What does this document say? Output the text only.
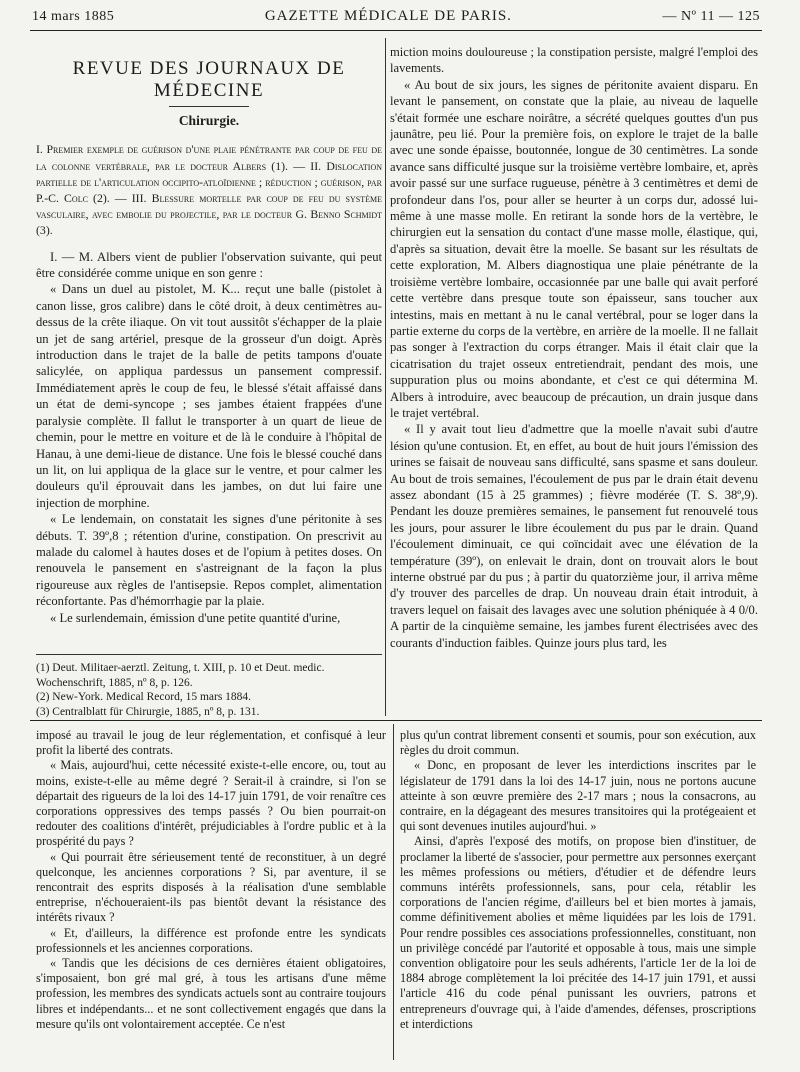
14 mars 1885	GAZETTE MÉDICALE DE PARIS.	— Nº 11 — 125
REVUE DES JOURNAUX DE MÉDECINE
Chirurgie.

I. Premier exemple de guérison d'une plaie pénétrante par coup de feu de la colonne vertébrale, par le docteur Albers (1). — II. Dislocation partielle de l'articulation occipito-atloïdienne ; réduction ; guérison, par P.-C. Colc (2). — III. Blessure mortelle par coup de feu du système vasculaire, avec embolie du projectile, par le docteur G. Benno Schmidt (3).

I. — M. Albers vient de publier l'observation suivante, qui peut être considérée comme unique en son genre :

« Dans un duel au pistolet, M. K... reçut une balle (pistolet à canon lisse, gros calibre) dans le côté droit, à deux centimètres au-dessus de la crête iliaque. On vit tout aussitôt s'échapper de la plaie un jet de sang artériel, presque de la grosseur d'un doigt. Après introduction dans le trajet de la balle de petits tampons d'ouate salicylée, on appliqua pardessus un pansement compressif. Immédiatement après le coup de feu, le blessé s'était affaissé dans un état de demi-syncope ; ses jambes étaient frappées d'une paralysie complète. Il fallut le transporter à un quart de lieue de chemin, pour le mettre en voiture et de là le conduire à l'hôpital de Hanau, à une demi-lieue de distance. Une fois le blessé couché dans un lit, on lui appliqua de la glace sur le ventre, et pour calmer les douleurs qu'il éprouvait dans les jambes, on dut lui faire une injection de morphine.

« Le lendemain, on constatait les signes d'une péritonite à ses débuts. T. 39º,8 ; rétention d'urine, constipation. On prescrivit au malade du calomel à hautes doses et de l'opium à petites doses. On renouvela le pansement en s'astreignant de la façon la plus rigoureuse aux règles de l'antisepsie. Repos complet, alimentation réconfortante. Pas d'hémorrhagie par la plaie.

« Le surlendemain, émission d'une petite quantité d'urine,

(1) Deut. Militaer-aerztl. Zeitung, t. XIII, p. 10 et Deut. medic. Wochenschrift, 1885, nº 8, p. 126.

(2) New-York. Medical Record, 15 mars 1884.

(3) Centralblatt für Chirurgie, 1885, nº 8, p. 131.

miction moins douloureuse ; la constipation persiste, malgré l'emploi des lavements.

« Au bout de six jours, les signes de péritonite avaient disparu. En levant le pansement, on constate que la plaie, au niveau de laquelle s'était formée une eschare noirâtre, a sécrété quelques gouttes d'un pus jaunâtre, peu lié. Pour la première fois, on explore le trajet de la balle avec une sonde épaisse, boutonnée, longue de 30 centimètres. La sonde avance sans difficulté jusque sur la troisième vertèbre lombaire, et, après avoir passé sur une surface rugueuse, pénètre à 3 centimètres et demi de profondeur dans l'os, pour aller se heurter à un corps dur, adossé lui-même à une masse molle. En retirant la sonde hors de la vertèbre, le chirurgien eut la sensation du contact d'une masse molle, élastique, qui, d'après sa situation, devait être la moelle. Se basant sur les résultats de cette exploration, M. Albers diagnostiqua une plaie pénétrante de la troisième vertèbre lombaire, occasionnée par une balle qui avait perforé cette vertèbre dans presque toute son épaisseur, sans toucher aux intestins, mais en mettant à nu le canal vertébral, pour se loger dans la partie externe du corps de la vertèbre, en arrière de la moelle. Il ne fallait pas songer à l'extraction du corps étranger. Mais il était clair que la cicatrisation du trajet osseux entretiendrait, pendant des mois, une suppuration plus ou moins abondante, et c'est ce qui détermina M. Albers à introduire, avec beaucoup de précaution, un drain jusque dans le trajet vertébral.

« Il y avait tout lieu d'admettre que la moelle n'avait subi d'autre lésion qu'une contusion. Et, en effet, au bout de huit jours l'émission des urines se faisait de nouveau sans difficulté, sans spasme et sans douleur. Au bout de trois semaines, l'écoulement de pus par le drain était devenu assez abondant (15 à 25 grammes) ; fièvre modérée (T. S. 38º,9). Pendant les douze premières semaines, le pansement fut renouvelé tous les jours, pour assurer le libre écoulement du pus par le drain. Quand l'écoulement diminuait, ce qui coïncidait avec une élévation de la température (39º), on enlevait le drain, dont on trouvait alors le bout interne obstrué par du pus ; à partir du quatorzième jour, il arriva même d'y trouver des parcelles de drap. Un nouveau drain était introduit, à travers lequel on faisait des lavages avec une solution phéniquée à 4 0/0. A partir de la cinquième semaine, les jambes furent électrisées avec des courants d'induction faibles. Quinze jours plus tard, les

imposé au travail le joug de leur réglementation, et confisqué à leur profit la liberté des contrats.

« Mais, aujourd'hui, cette nécessité existe-t-elle encore, ou, tout au moins, existe-t-elle au même degré ? Serait-il à craindre, si l'on se départait des rigueurs de la loi des 14-17 juin 1791, de voir renaître ces corporations oppressives des temps passés ? Ou bien pourrait-on redouter des coalitions d'intérêt, préjudiciables à l'ordre public et à la prospérité du pays ?

« Qui pourrait être sérieusement tenté de reconstituer, à un degré quelconque, les anciennes corporations ? Si, par aventure, il se rencontrait des esprits disposés à la réalisation d'une semblable entreprise, n'échoueraient-ils pas bientôt devant la résistance des intérêts rivaux ?

« Et, d'ailleurs, la différence est profonde entre les syndicats professionnels et les anciennes corporations.

« Tandis que les décisions de ces dernières étaient obligatoires, s'imposaient, bon gré mal gré, à tous les artisans d'une même profession, les membres des syndicats actuels sont au contraire toujours libres et indépendants... et ne sont collectivement engagés que dans la mesure qu'ils ont volontairement acceptée. Ce n'est

plus qu'un contrat librement consenti et soumis, pour son exécution, aux règles du droit commun.

« Donc, en proposant de lever les interdictions inscrites par le législateur de 1791 dans la loi des 14-17 juin, nous ne portons aucune atteinte à son œuvre première des 2-17 mars ; nous la consacrons, au contraire, en la dégageant des mesures transitoires qui la protégeaient et qui sont devenues inutiles aujourd'hui. »

Ainsi, d'après l'exposé des motifs, on propose bien d'instituer, de proclamer la liberté de s'associer, pour permettre aux personnes exerçant les mêmes professions ou métiers, d'étudier et de défendre leurs communs intérêts professionnels, sans, pour cela, rétablir les corporations de l'ancien régime, d'ailleurs bel et bien mortes à jamais, comme définitivement abolies et même liquidées par les lois de 1791. Pour rendre possibles ces associations professionnelles, constituant, non un privilège concédé par l'autorité et opposable à tous, mais une simple convention obligatoire pour les seuls adhérents, l'article 1er de la loi de 1884 abroge complètement la loi précitée des 14-17 juin 1791, et aussi l'article 416 du code pénal punissant les ouvriers, patrons et entrepreneurs d'ouvrage qui, à l'aide d'amendes, défenses, proscriptions et interdictions
